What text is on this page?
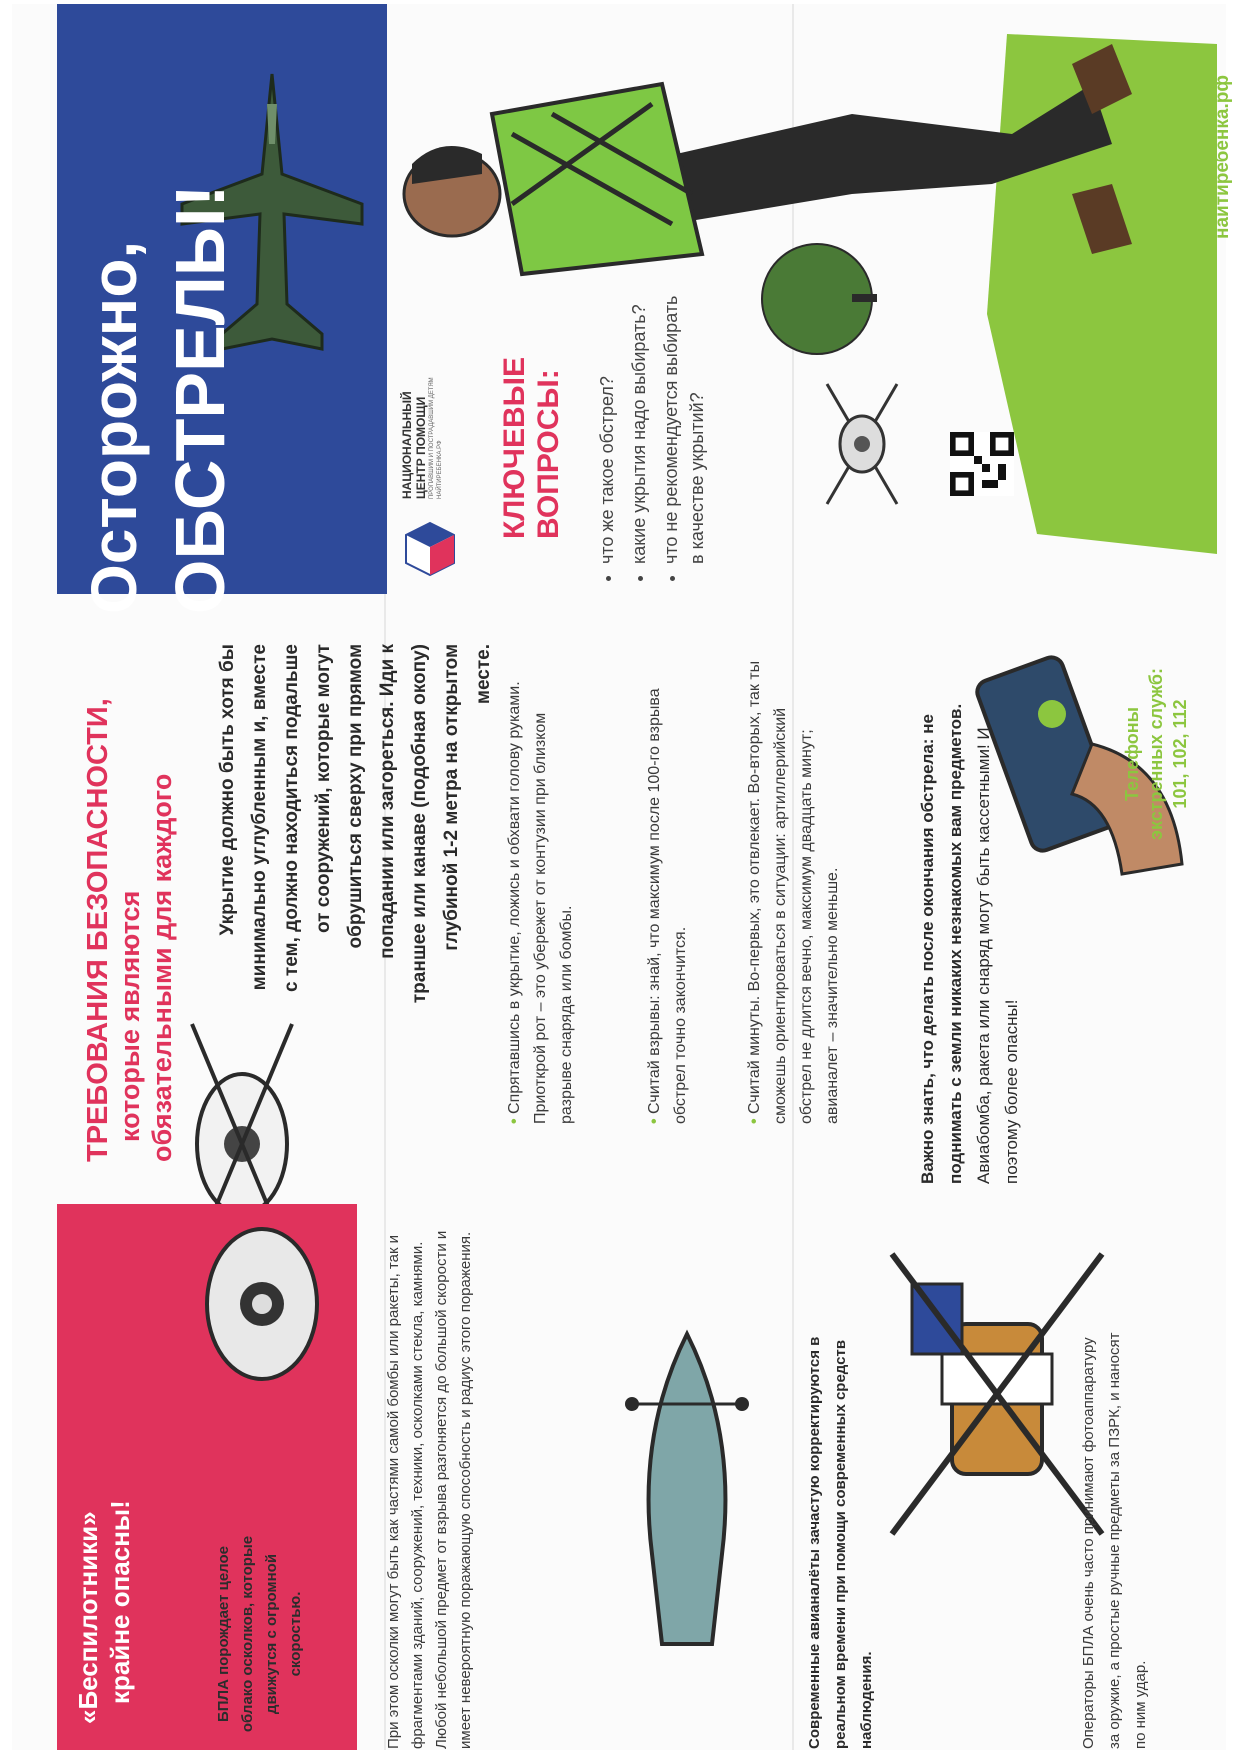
Осторожно, ОБСТРЕЛЫ!	НАЦИОНАЛЬНЫЙ ЦЕНТР ПОМОЩИ ПРОПАВШИМ И ПОСТРАДАВШИМ ДЕТЯМ НАЙТИРЕБЕНКА.РФ КЛЮЧЕВЫЕ ВОПРОСЫ: • что же такое обстрел? • какие укрытия надо выбирать? • что не рекомендуется выбирать в качестве укрытий?
найтиребенка.рф
ТРЕБОВАНИЯ БЕЗОПАСНОСТИ, которые являются обязательными для каждого Укрытие должно быть хотя бы минимально углубленным и, вместе с тем, должно находиться подальше от сооружений, которые могут обрушиться сверху при прямом попадании или загореться. Иди к траншее или канаве (подобная окопу) глубиной 1-2 метра на открытом месте.
• Спрятавшись в укрытие, ложись и обхвати голову руками. Приоткрой рот – это убережет от контузии при близком разрыве снаряда или бомбы.	• Считай взрывы: знай, что максимум после 100-го взрыва обстрел точно закончится.	• Считай минуты. Во-первых, это отвлекает. Во-вторых, так ты сможешь ориентироваться в ситуации: артиллерийский обстрел не длится вечно, максимум двадцать минут; авианалет – значительно меньше.	Важно знать, что делать после окончания обстрела: не поднимать с земли никаких незнакомых вам предметов. Авиабомба, ракета или снаряд могут быть кассетными! И поэтому более опасны!
Телефоны экстренных служб: 101, 102, 112
«Беспилотники» крайне опасны!	БПЛА порождает целое облако осколков, которые движутся с огромной скоростью.	При этом осколки могут быть как частями самой бомбы или ракеты, так и фрагментами зданий, сооружений, техники, осколками стекла, камнями. Любой небольшой предмет от взрыва разгоняется до большой скорости и имеет невероятную поражающую способность и радиус этого поражения.	Современные авианалёты зачастую корректируются в реальном времени при помощи современных средств наблюдения.	Операторы БПЛА очень часто принимают фотоаппаратуру за оружие, а простые ручные предметы за ПЗРК, и наносят по ним удар.
